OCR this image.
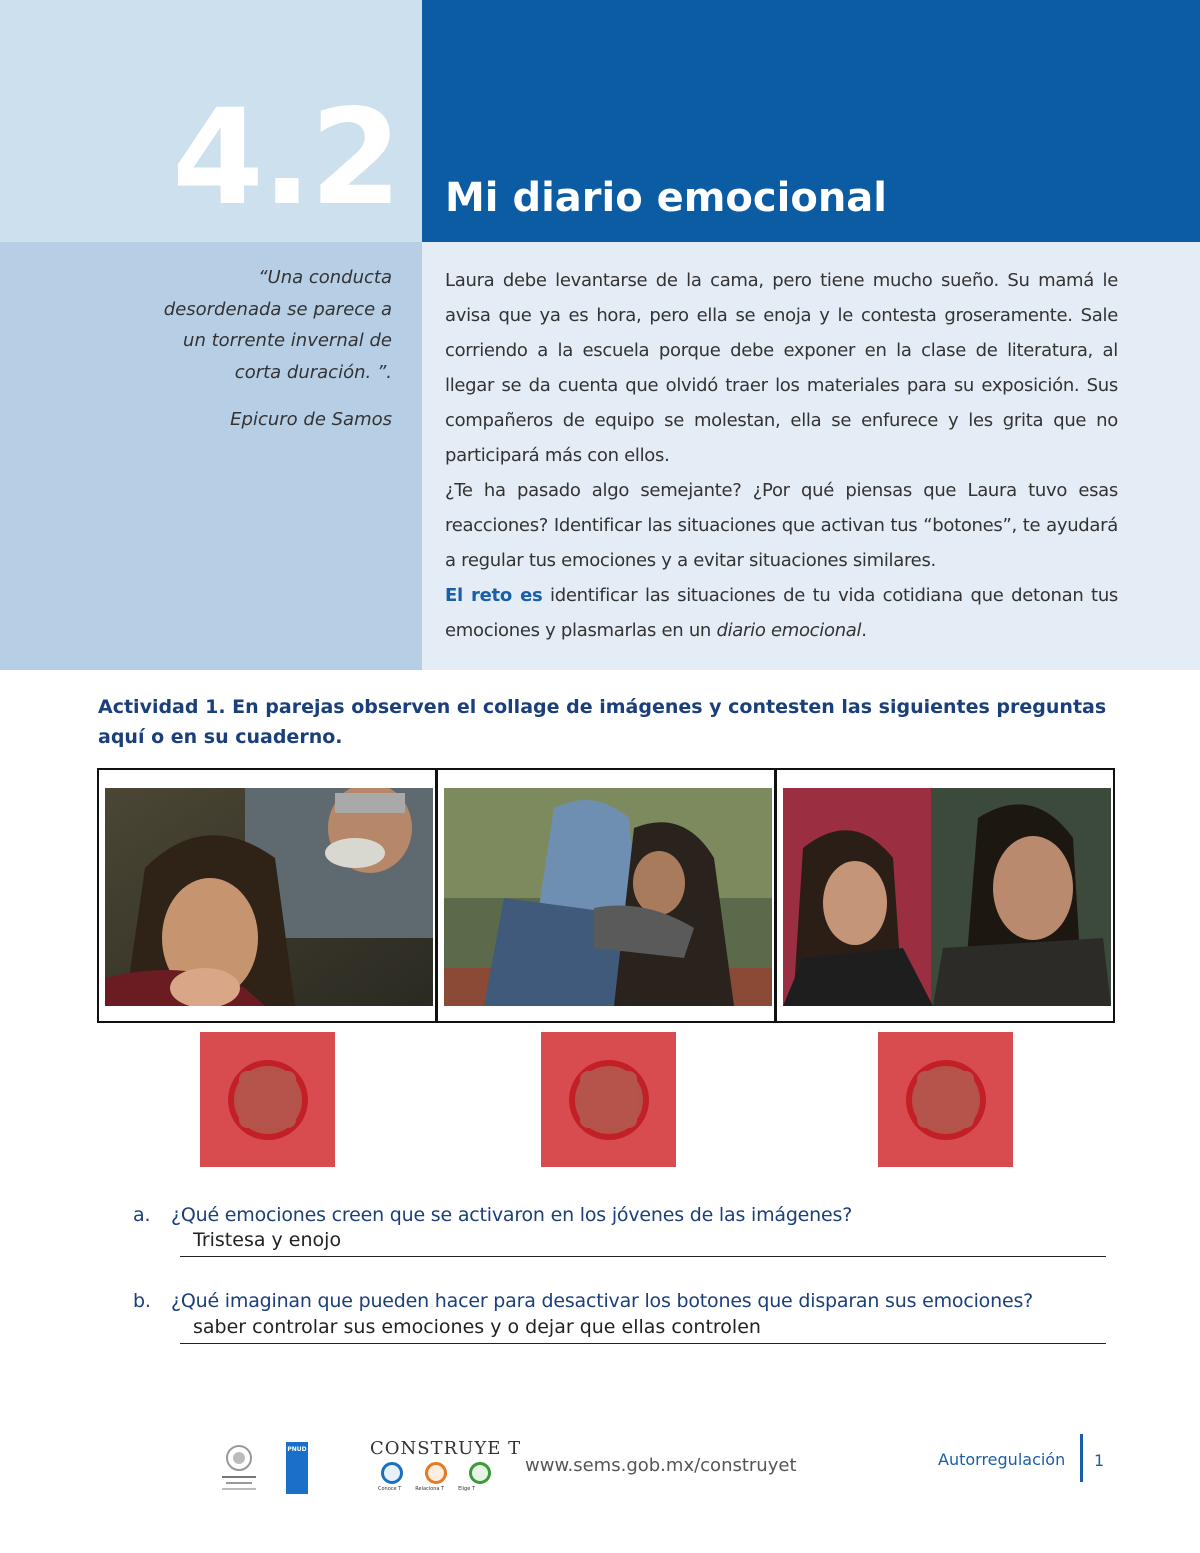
4.2 Mi diario emocional
“Una conducta desordenada se parece a un torrente invernal de corta duración. ”.
Epicuro de Samos

Laura debe levantarse de la cama, pero tiene mucho sueño. Su mamá le avisa que ya es hora, pero ella se enoja y le contesta groseramente. Sale corriendo a la escuela porque debe exponer en la clase de literatura, al llegar se da cuenta que olvidó traer los materiales para su exposición. Sus compañeros de equipo se molestan, ella se enfurece y les grita que no participará más con ellos.

¿Te ha pasado algo semejante? ¿Por qué piensas que Laura tuvo esas reacciones? Identificar las situaciones que activan tus “botones”, te ayudará a regular tus emociones y a evitar situaciones similares.

El reto es identificar las situaciones de tu vida cotidiana que detonan tus emociones y plasmarlas en un diario emocional.

Actividad 1. En parejas observen el collage de imágenes y contesten las siguientes preguntas aquí o en su cuaderno.
a. ¿Qué emociones creen que se activaron en los jóvenes de las imágenes?
Tristesa y enojo
b. ¿Qué imaginan que pueden hacer para desactivar los botones que disparan sus emociones?
saber controlar sus emociones y o dejar que ellas controlen
PNUD	CONSTRUYE T
Conoce T	Relaciona T	Elige T
www.sems.gob.mx/construyet	Autorregulación 1
